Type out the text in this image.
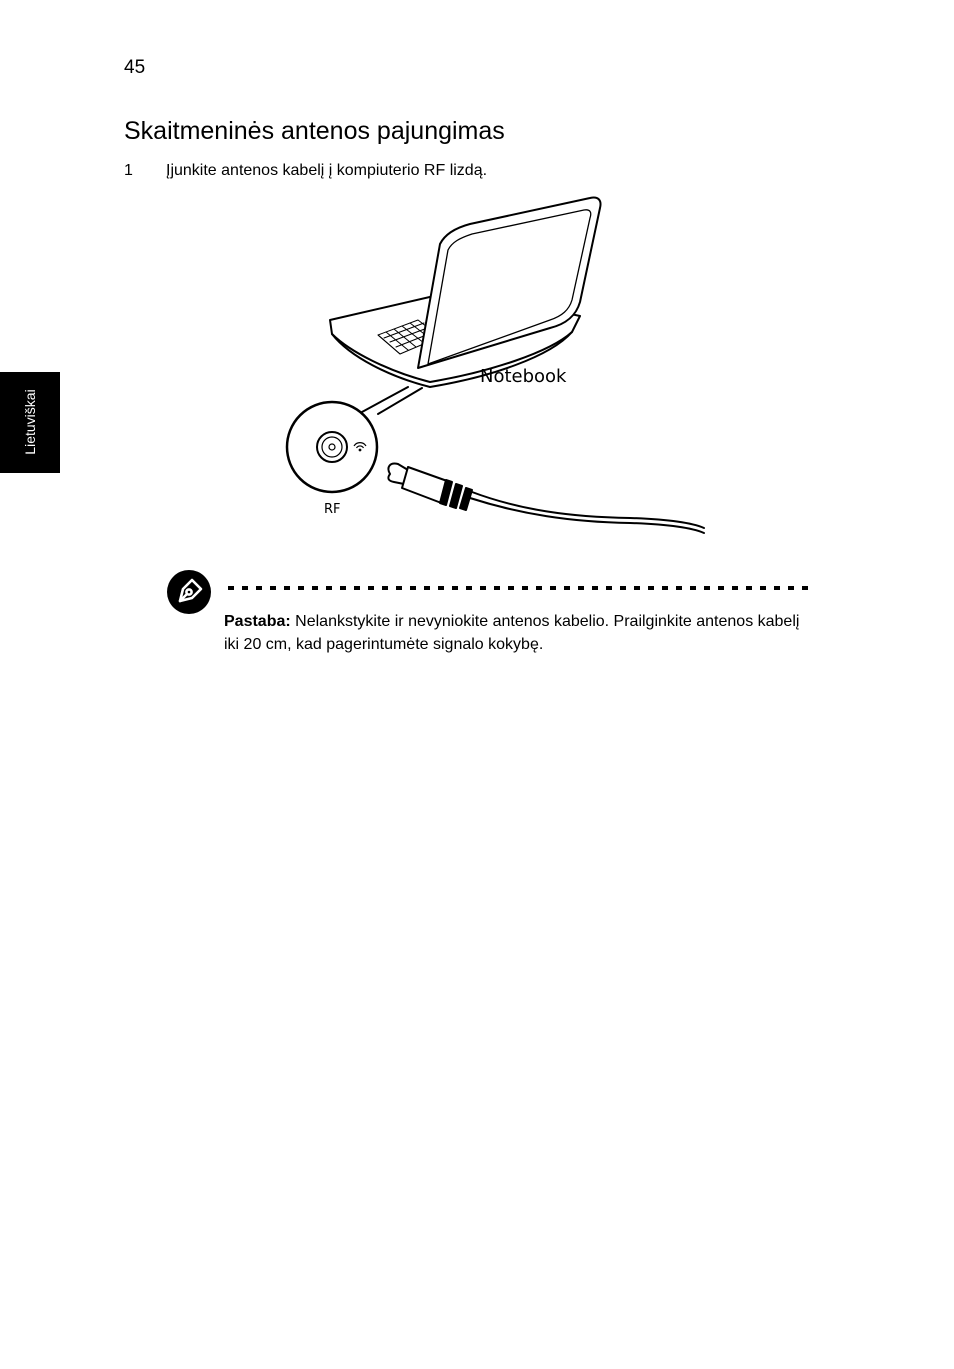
45
Skaitmeninės antenos pajungimas
1	Įjunkite antenos kabelį į kompiuterio RF lizdą.
Lietuviškai
Notebook
RF
Pastaba: Nelankstykite ir nevyniokite antenos kabelio. Prailginkite antenos kabelį iki 20 cm, kad pagerintumėte signalo kokybę.
